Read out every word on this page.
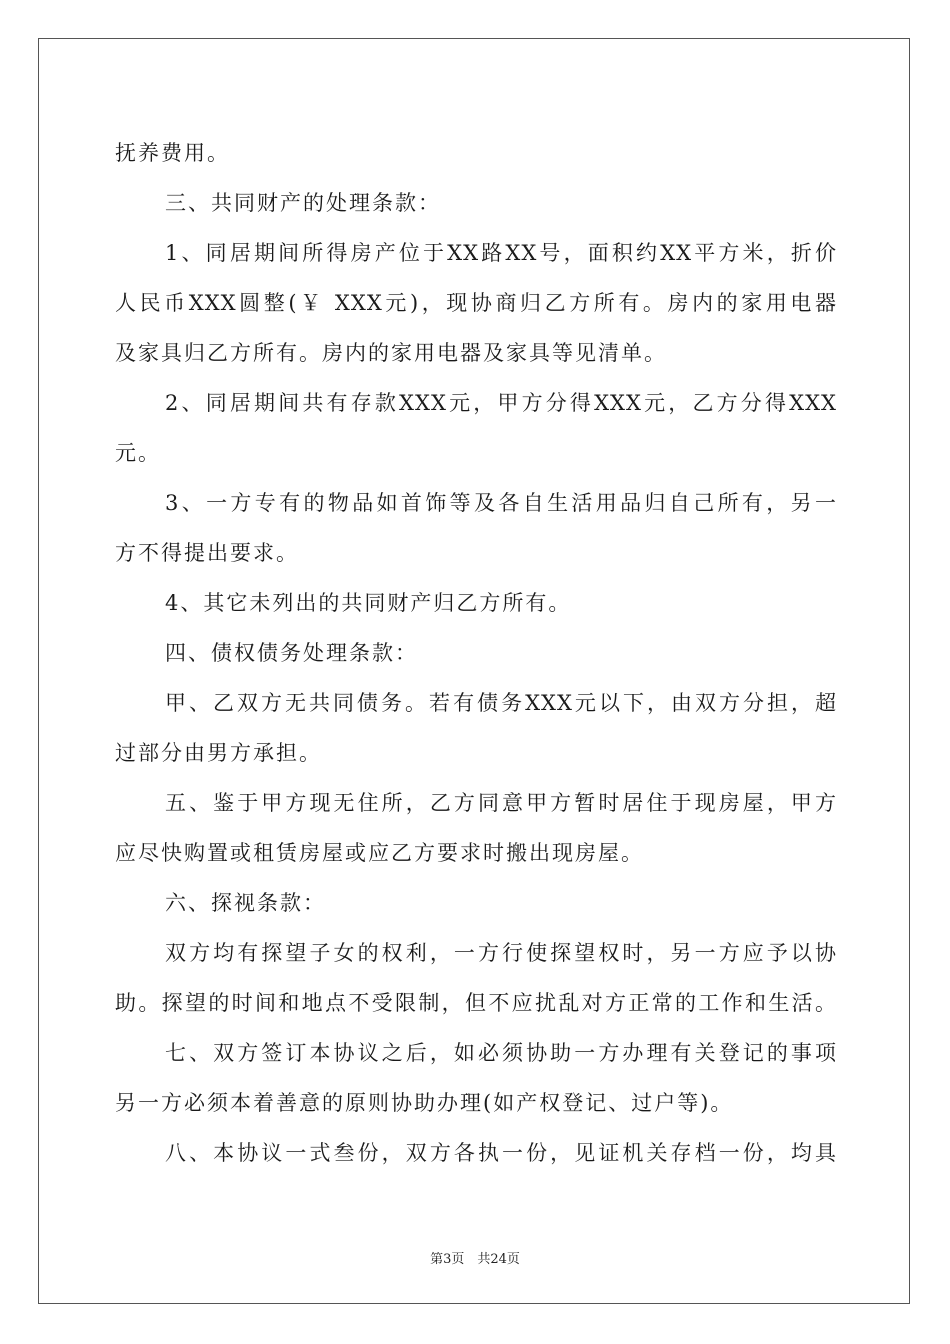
抚养费用。
三、共同财产的处理条款：
1、同居期间所得房产位于XX路XX号，面积约XX平方米，折价
人民币XXX圆整(￥ XXX元)，现协商归乙方所有。房内的家用电器
及家具归乙方所有。房内的家用电器及家具等见清单。
2、同居期间共有存款XXX元，甲方分得XXX元，乙方分得XXX
元。
3、一方专有的物品如首饰等及各自生活用品归自己所有，另一
方不得提出要求。
4、其它未列出的共同财产归乙方所有。
四、债权债务处理条款：
甲、乙双方无共同债务。若有债务XXX元以下，由双方分担，超
过部分由男方承担。
五、鉴于甲方现无住所，乙方同意甲方暂时居住于现房屋，甲方
应尽快购置或租赁房屋或应乙方要求时搬出现房屋。
六、探视条款：
双方均有探望子女的权利，一方行使探望权时，另一方应予以协
助。探望的时间和地点不受限制，但不应扰乱对方正常的工作和生活。
七、双方签订本协议之后，如必须协助一方办理有关登记的事项
另一方必须本着善意的原则协助办理(如产权登记、过户等)。
八、本协议一式叁份，双方各执一份，见证机关存档一份，均具
第3页　共24页
